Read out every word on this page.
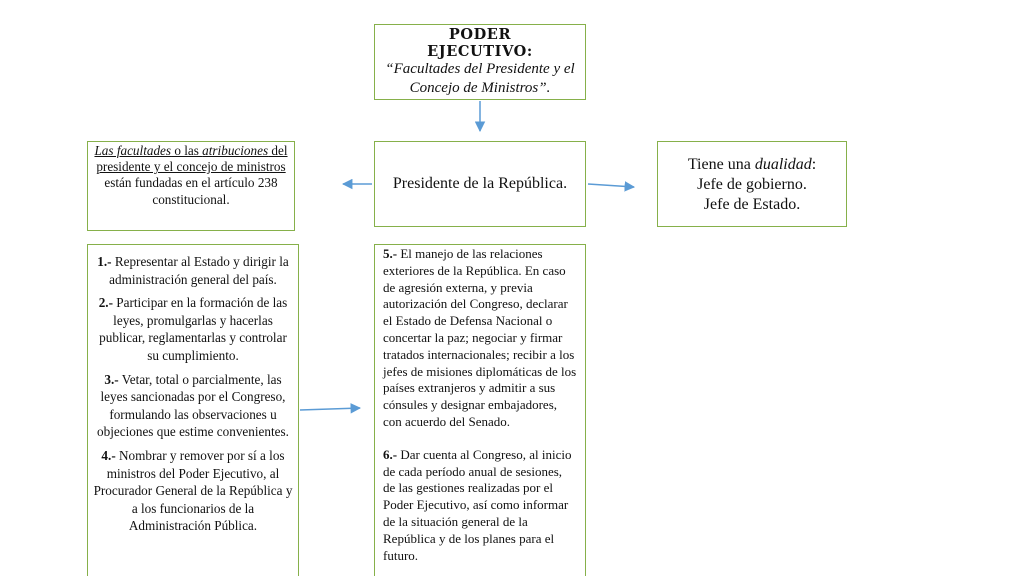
PODER
EJECUTIVO:
“Facultades del Presidente y el Concejo de Ministros”.
Presidente de la República.
Tiene una dualidad:
Jefe de gobierno.
Jefe de Estado.
Las facultades o las atribuciones del presidente y el concejo de ministros están fundadas en el artículo 238 constitucional.

1.- Representar al Estado y dirigir la administración general del país.

2.- Participar en la formación de las leyes, promulgarlas y hacerlas publicar, reglamentarlas y controlar su cumplimiento.

3.- Vetar, total o parcialmente, las leyes sancionadas por el Congreso, formulando las observaciones u objeciones que estime convenientes.

4.- Nombrar y remover por sí a los ministros del Poder Ejecutivo, al Procurador General de la República y a los funcionarios de la Administración Pública.

5.- El manejo de las relaciones exteriores de la República. En caso de agresión externa, y previa autorización del Congreso, declarar el Estado de Defensa Nacional o concertar la paz; negociar y firmar tratados internacionales; recibir a los jefes de misiones diplomáticas de los países extranjeros y admitir a sus cónsules y designar embajadores, con acuerdo del Senado.

6.- Dar cuenta al Congreso, al inicio de cada período anual de sesiones, de las gestiones realizadas por el Poder Ejecutivo, así como informar de la situación general de la República y de los planes para el futuro.
